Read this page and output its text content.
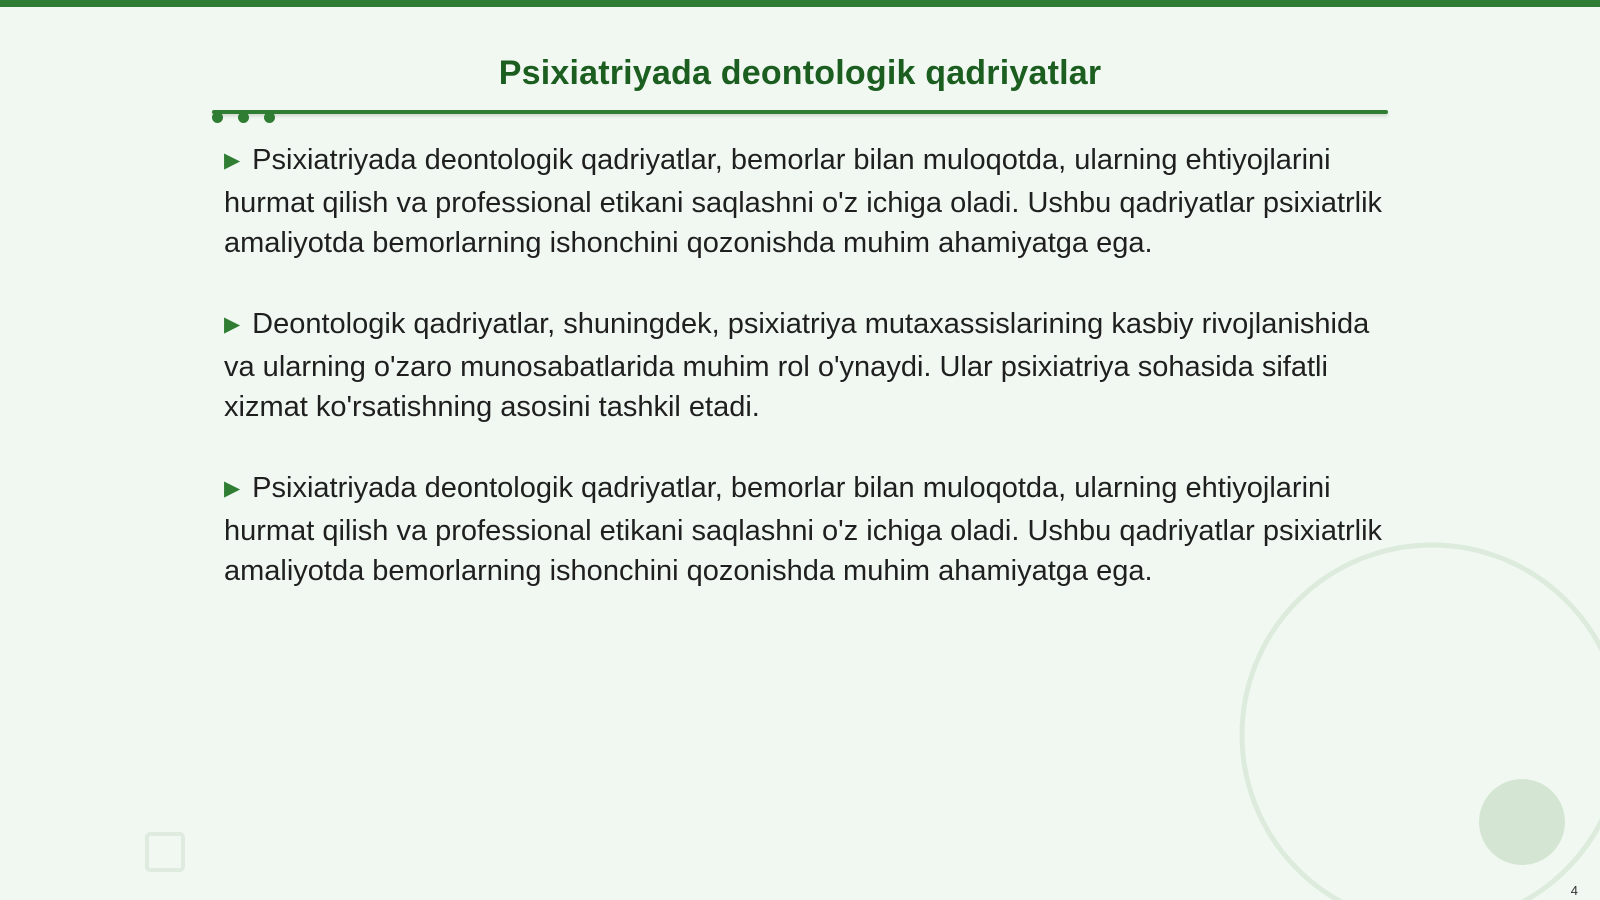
Psixiatriyada deontologik qadriyatlar

▶ Psixiatriyada deontologik qadriyatlar, bemorlar bilan muloqotda, ularning ehtiyojlarini hurmat qilish va professional etikani saqlashni o'z ichiga oladi. Ushbu qadriyatlar psixiatrlik amaliyotda bemorlarning ishonchini qozonishda muhim ahamiyatga ega.

▶ Deontologik qadriyatlar, shuningdek, psixiatriya mutaxassislarining kasbiy rivojlanishida va ularning o'zaro munosabatlarida muhim rol o'ynaydi. Ular psixiatriya sohasida sifatli xizmat ko'rsatishning asosini tashkil etadi.

▶ Psixiatriyada deontologik qadriyatlar, bemorlar bilan muloqotda, ularning ehtiyojlarini hurmat qilish va professional etikani saqlashni o'z ichiga oladi. Ushbu qadriyatlar psixiatrlik amaliyotda bemorlarning ishonchini qozonishda muhim ahamiyatga ega.

4
